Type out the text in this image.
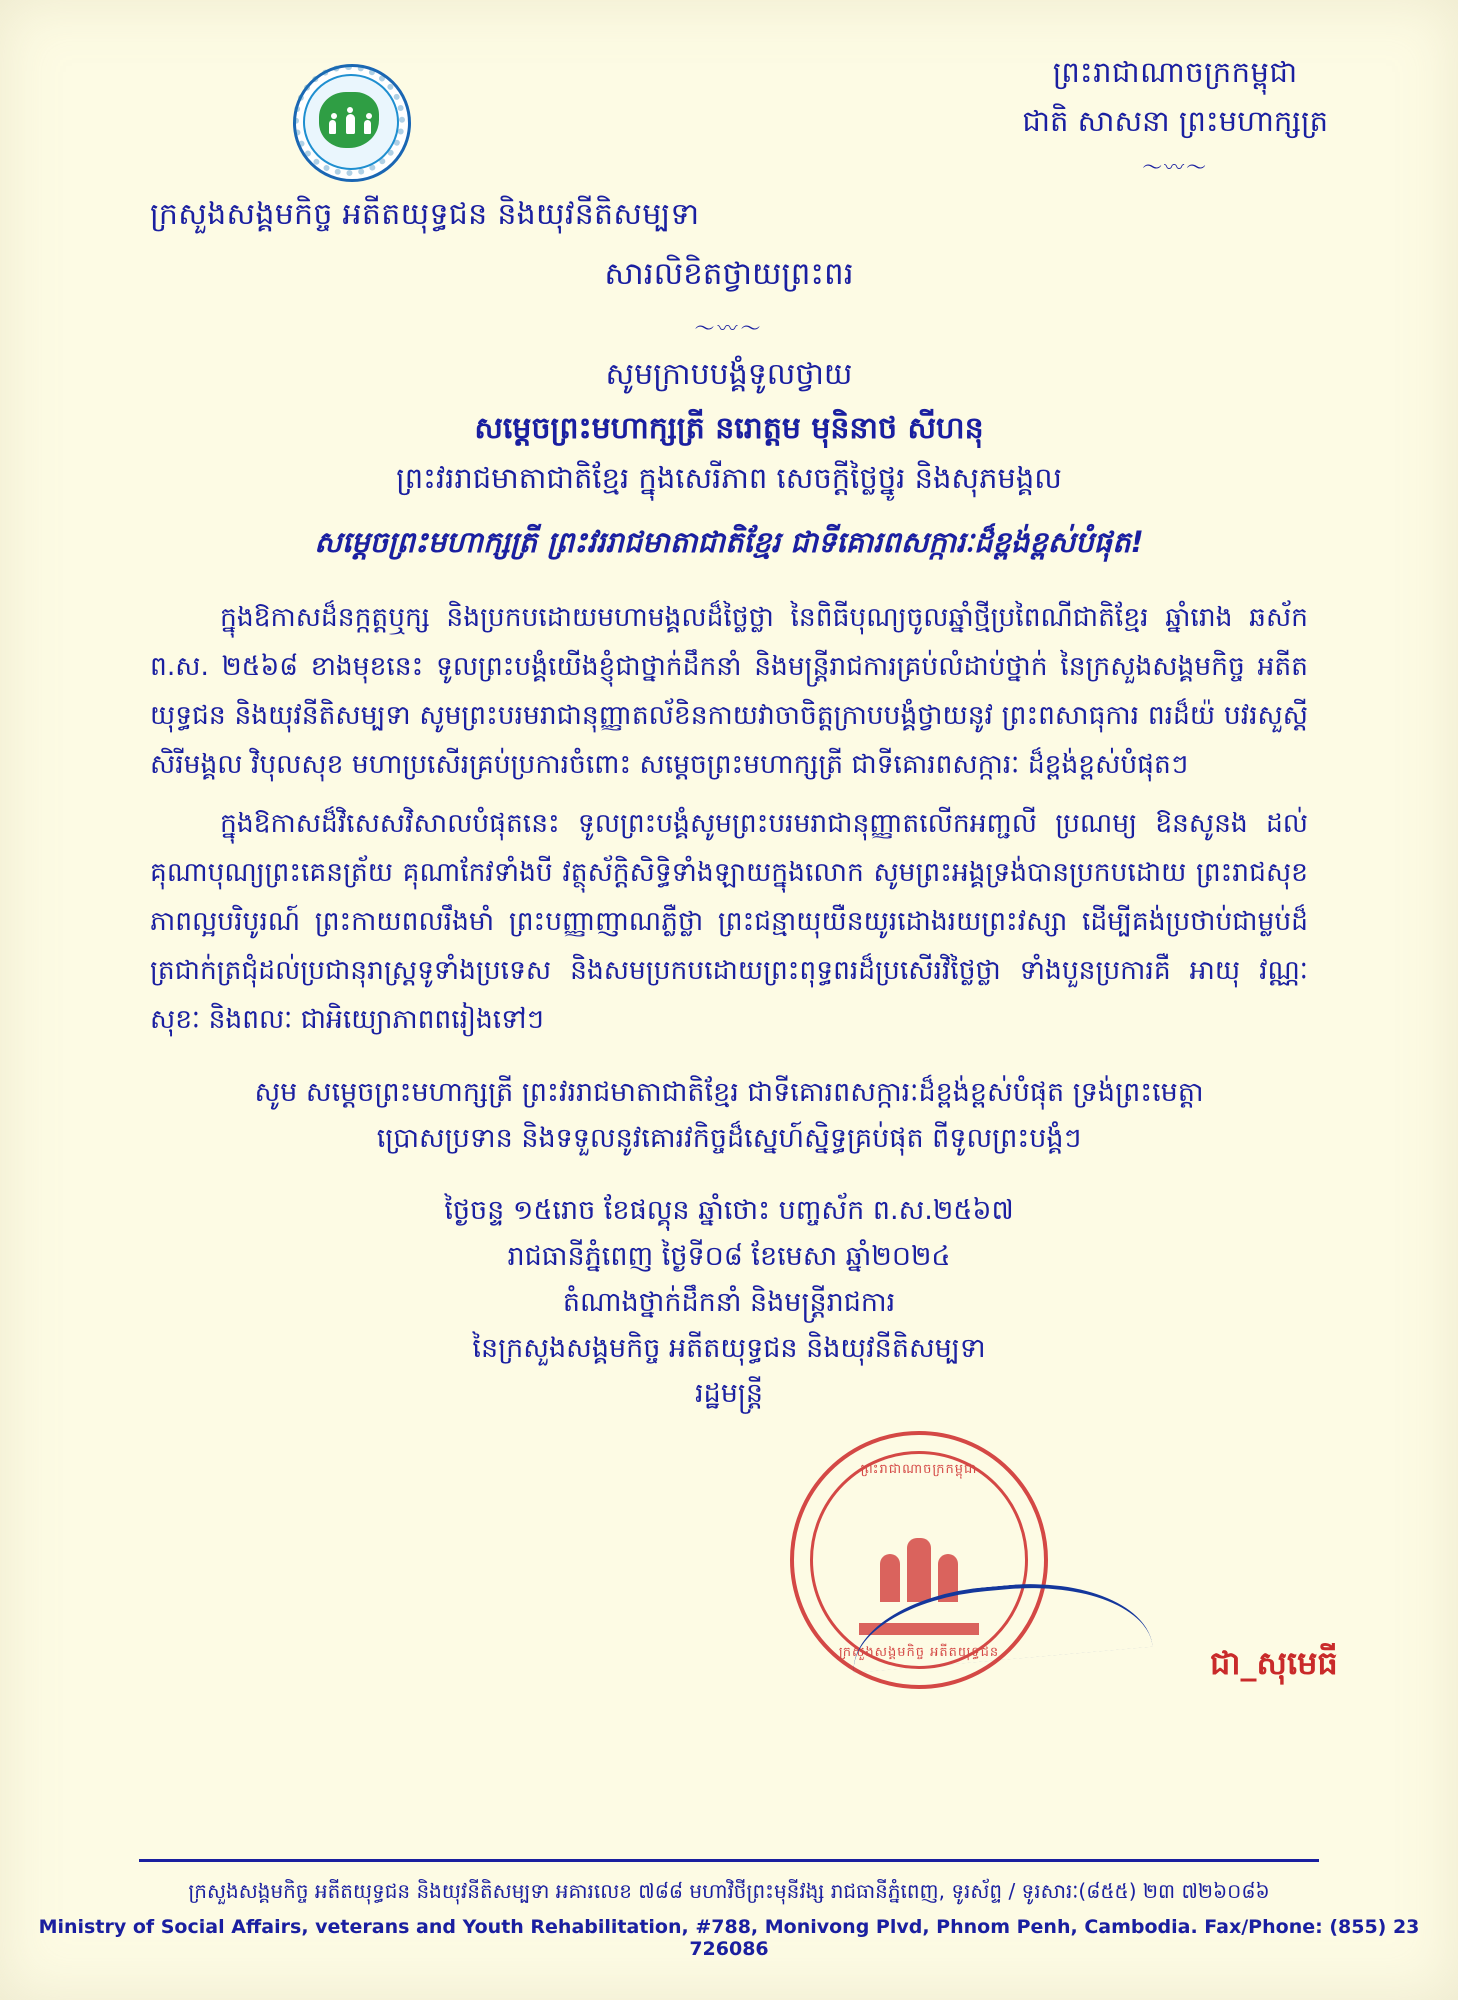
ព្រះរាជាណាចក្រកម្ពុជា
ជាតិ សាសនា ព្រះមហាក្សត្រ
〜〰〜
ក្រសួងសង្គមកិច្ច អតីតយុទ្ធជន និងយុវនីតិសម្បទា
សារលិខិតថ្វាយព្រះពរ
〜〰〜
សូមក្រាបបង្គំទូលថ្វាយ
សម្ដេចព្រះមហាក្សត្រី នរោត្តម មុនិនាថ សីហនុ
ព្រះវររាជមាតាជាតិខ្មែរ ក្នុងសេរីភាព សេចក្ដីថ្លៃថ្នូរ និងសុភមង្គល
សម្ដេចព្រះមហាក្សត្រី ព្រះវររាជមាតាជាតិខ្មែរ ជាទីគោរពសក្ការៈដ៏ខ្ពង់ខ្ពស់បំផុត!

ក្នុងឱកាសដ៏នក្កត្តឬក្ស និងប្រកបដោយមហាមង្គលដ៏ថ្លៃថ្លា នៃពិធីបុណ្យចូលឆ្នាំថ្មីប្រពៃណីជាតិខ្មែរ ឆ្នាំរោង ឆស័ក ព.ស. ២៥៦៨ ខាងមុខនេះ ទូលព្រះបង្គំយើងខ្ញុំជាថ្នាក់ដឹកនាំ និងមន្ត្រីរាជការគ្រប់លំដាប់ថ្នាក់ នៃក្រសួងសង្គមកិច្ច អតីតយុទ្ធជន និងយុវនីតិសម្បទា សូមព្រះបរមរាជានុញ្ញាតល័ខិនកាយវាចាចិត្តក្រាបបង្គំថ្វាយនូវ ព្រះពសាធុការ ពរដ៏យ៉ បវរសួស្ដី សិរីមង្គល វិបុលសុខ មហាប្រសើរគ្រប់ប្រការចំពោះ សម្ដេចព្រះមហាក្សត្រី ជាទីគោរពសក្ការៈ ដ៏ខ្ពង់ខ្ពស់បំផុតៗ

ក្នុងឱកាសដ៏វិសេសវិសាលបំផុតនេះ ទូលព្រះបង្គំសូមព្រះបរមរាជានុញ្ញាតលើកអញ្ជលី ប្រណម្យ ឱនសូនង ដល់គុណាបុណ្យព្រះគេនត្រ័យ គុណាកែវទាំងបី វត្ថុស័ក្ដិសិទ្ធិទាំងឡាយក្នុងលោក សូមព្រះអង្គទ្រង់បានប្រកបដោយ ព្រះរាជសុខភាពល្អបរិបូរណ៍ ព្រះកាយពលរឹងមាំ ព្រះបញ្ញាញាណភ្លឺថ្លា ព្រះជន្មាយុយឺនយូរដោងរយព្រះវស្សា ដើម្បីគង់ប្រថាប់ជាម្លប់ដ៏ត្រជាក់ត្រជុំដល់ប្រជានុរាស្ត្រទូទាំងប្រទេស និងសមប្រកបដោយព្រះពុទ្ធពរដ៏ប្រសើរវិថ្លៃថ្លា ទាំងបួនប្រការគឺ អាយុ វណ្ណៈ សុខៈ និងពលៈ ជាអិយ្យោភាពពរៀងទៅៗ

សូម សម្ដេចព្រះមហាក្សត្រី ព្រះវររាជមាតាជាតិខ្មែរ ជាទីគោរពសក្ការៈដ៏ខ្ពង់ខ្ពស់បំផុត ទ្រង់ព្រះមេត្តា
ប្រោសប្រទាន និងទទួលនូវគោរវកិច្ចដ៏ស្នេហ៍ស្និទ្ធគ្រប់ផុត ពីទូលព្រះបង្គំៗ
ថ្ងៃចន្ទ ១៥រោច ខែផល្គុន ឆ្នាំថោះ បញ្ចស័ក ព.ស.២៥៦៧
រាជធានីភ្នំពេញ ថ្ងៃទី០៨ ខែមេសា ឆ្នាំ២០២៤
តំណាងថ្នាក់ដឹកនាំ និងមន្ត្រីរាជការ
នៃក្រសួងសង្គមកិច្ច អតីតយុទ្ធជន និងយុវនីតិសម្បទា
រដ្ឋមន្ត្រី
ព្រះរាជាណាចក្រកម្ពុជា
ក្រសួងសង្គមកិច្ច អតីតយុទ្ធជន	ជា_សុមេធី
ក្រសួងសង្គមកិច្ច អតីតយុទ្ធជន និងយុវនីតិសម្បទា អគារលេខ ៧៨៨ មហាវិថីព្រះមុនីវង្ស រាជធានីភ្នំពេញ, ទូរស័ព្ទ / ទូរសារៈ(៨៥៥) ២៣ ៧២៦០៨៦
Ministry of Social Affairs, veterans and Youth Rehabilitation, #788, Monivong Plvd, Phnom Penh, Cambodia. Fax/Phone: (855) 23 726086
